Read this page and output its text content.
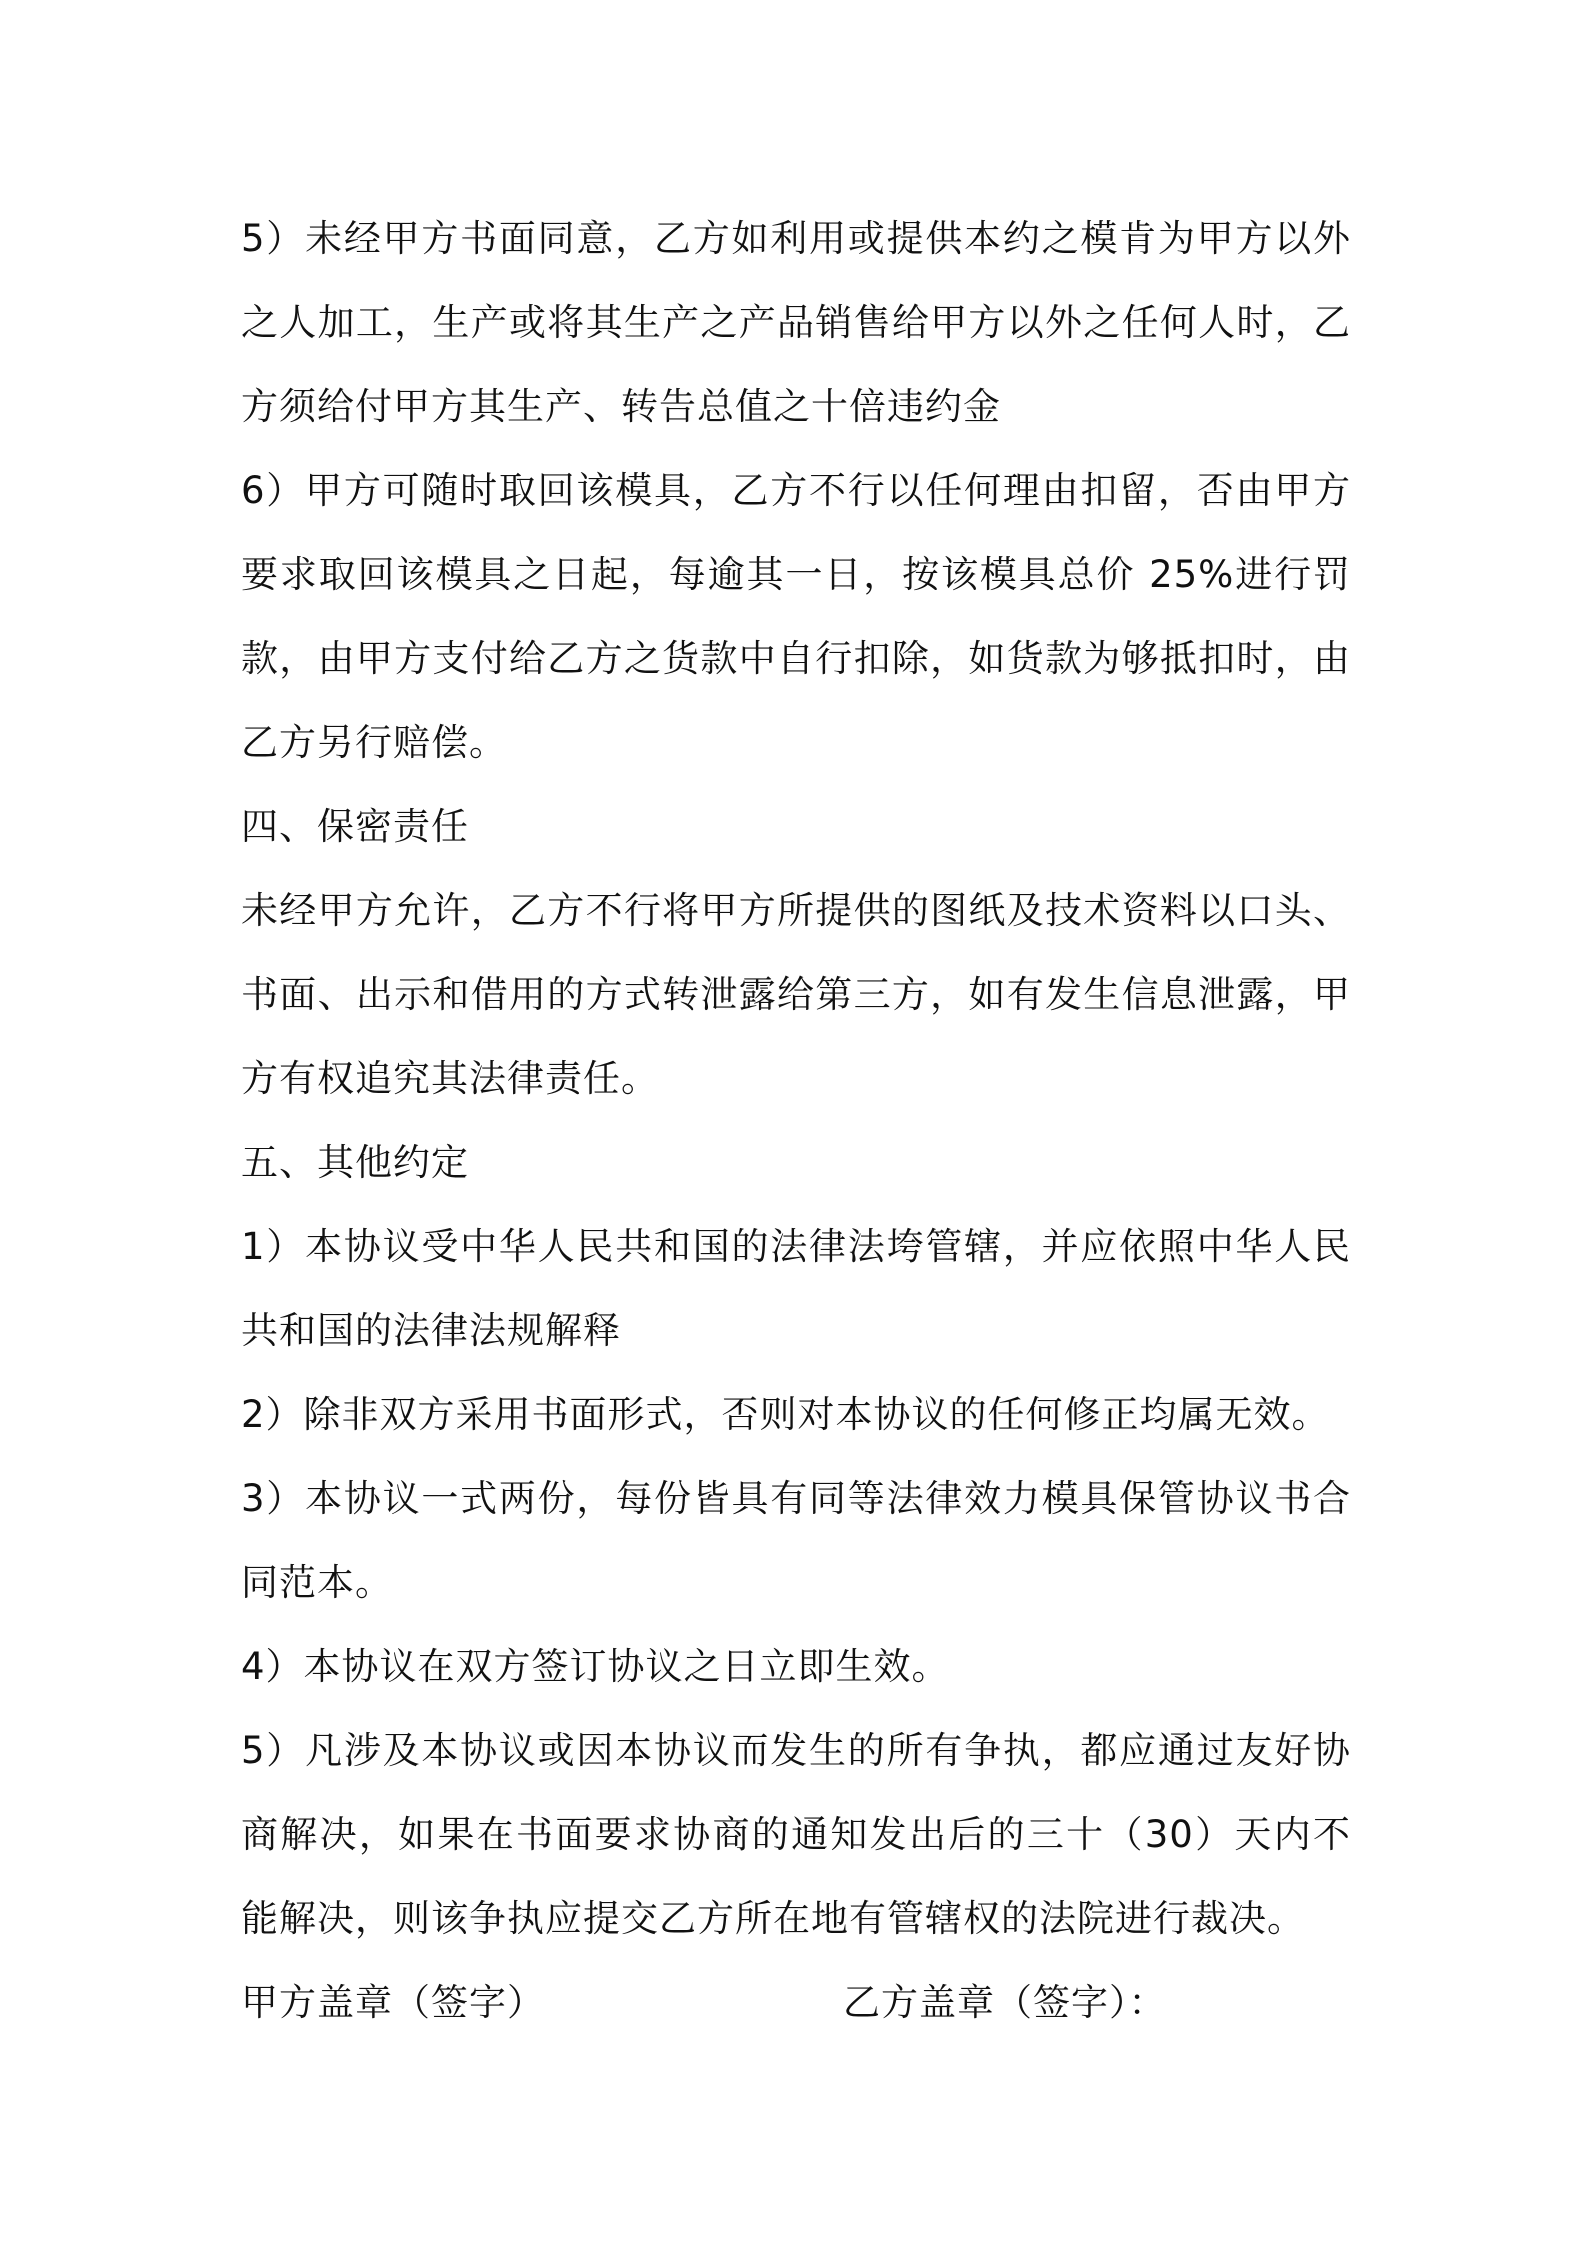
5）未经甲方书面同意，乙方如利用或提供本约之模肯为甲方以外之人加工，生产或将其生产之产品销售给甲方以外之任何人时，乙方须给付甲方其生产、转告总值之十倍违约金

6）甲方可随时取回该模具，乙方不行以任何理由扣留，否由甲方要求取回该模具之日起，每逾其一日，按该模具总价 25%进行罚款，由甲方支付给乙方之货款中自行扣除，如货款为够抵扣时，由乙方另行赔偿。

四、保密责任

未经甲方允许，乙方不行将甲方所提供的图纸及技术资料以口头、书面、出示和借用的方式转泄露给第三方，如有发生信息泄露，甲方有权追究其法律责任。

五、其他约定

1）本协议受中华人民共和国的法律法垮管辖，并应依照中华人民共和国的法律法规解释

2）除非双方采用书面形式，否则对本协议的任何修正均属无效。

3）本协议一式两份，每份皆具有同等法律效力模具保管协议书合同范本。

4）本协议在双方签订协议之日立即生效。

5）凡涉及本协议或因本协议而发生的所有争执，都应通过友好协商解决，如果在书面要求协商的通知发出后的三十（30）天内不能解决，则该争执应提交乙方所在地有管辖权的法院进行裁决。

甲方盖章（签字）	乙方盖章（签字）：
